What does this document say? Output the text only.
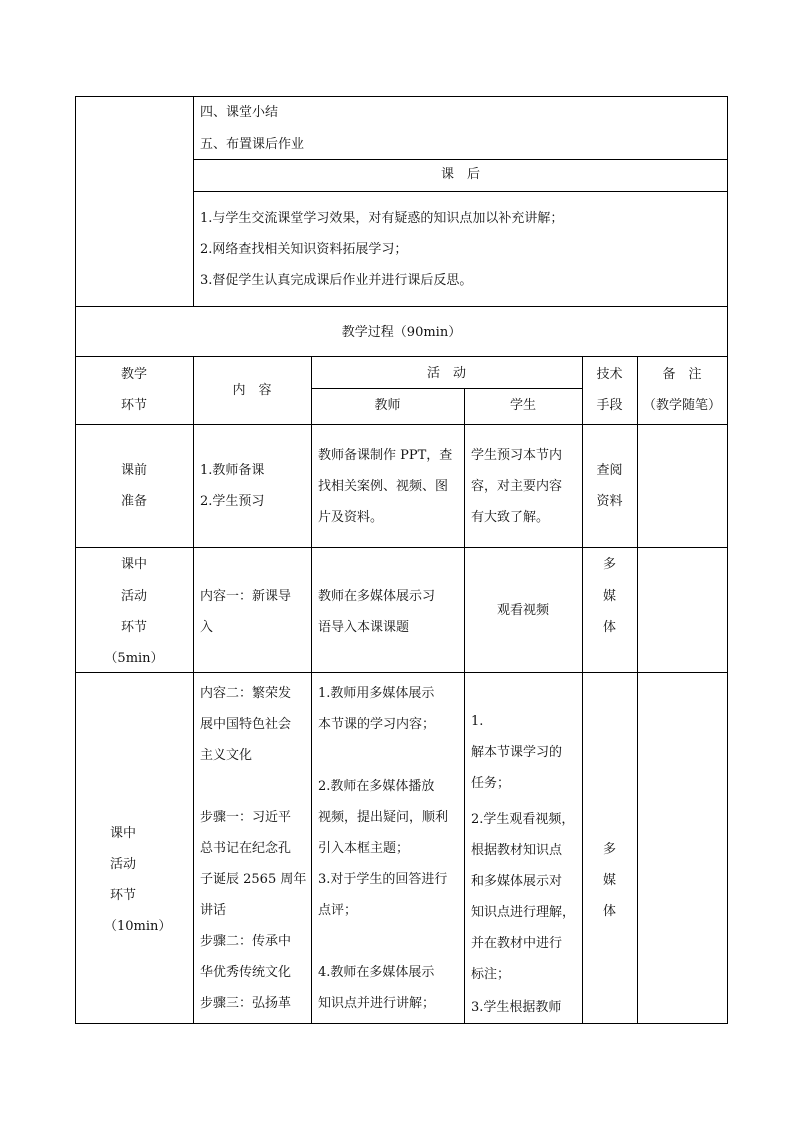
四、课堂小结
五、布置课后作业
课　后
1.与学生交流课堂学习效果，对有疑惑的知识点加以补充讲解；
2.网络查找相关知识资料拓展学习；
3.督促学生认真完成课后作业并进行课后反思。
教学过程（90min）
教学
环节
内　容
活　动
教师	学生
技术
手段
备　注
（教学随笔）
课前
准备
1.教师备课
2.学生预习
教师备课制作 PPT，查
找相关案例、视频、图
片及资料。
学生预习本节内
容，对主要内容
有大致了解。
查阅
资料
课中
活动
环节
（5min）
内容一：新课导
入
教师在多媒体展示习
语导入本课课题
观看视频
多
媒
体
课中
活动
环节
（10min）
内容二：繁荣发
展中国特色社会
主义文化
步骤一：习近平
总书记在纪念孔
子诞辰 2565 周年
讲话
步骤二：传承中
华优秀传统文化
步骤三：弘扬革
1.教师用多媒体展示
本节课的学习内容；
2.教师在多媒体播放
视频，提出疑问，顺利
引入本框主题；
3.对于学生的回答进行
点评；
4.教师在多媒体展示
知识点并进行讲解；
1.
解本节课学习的
任务；
2.学生观看视频，
根据教材知识点
和多媒体展示对
知识点进行理解，
并在教材中进行
标注；
3.学生根据教师
多
媒
体
